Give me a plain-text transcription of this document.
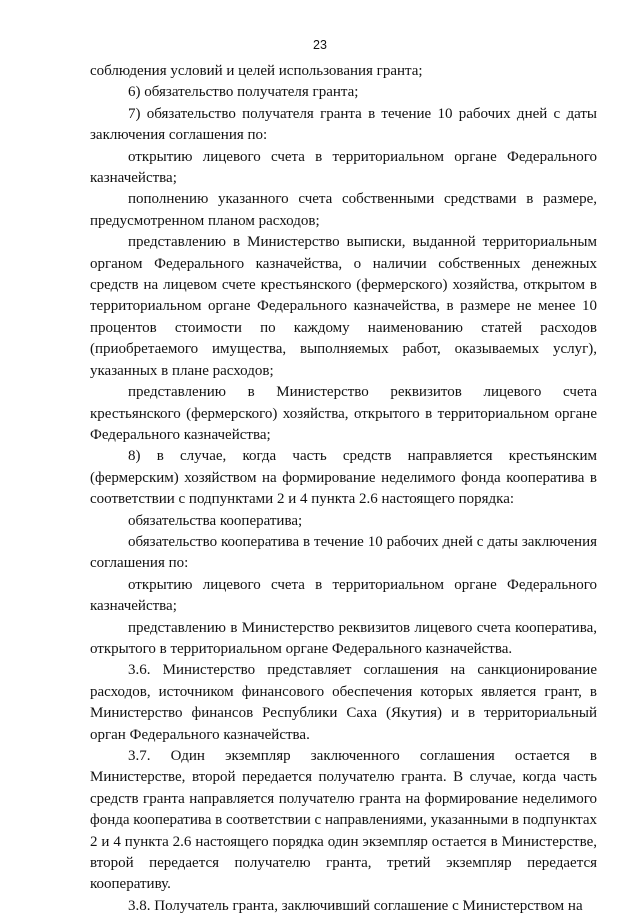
23

соблюдения условий и целей использования гранта;

6) обязательство получателя гранта;

7) обязательство получателя гранта в течение 10 рабочих дней с даты заключения соглашения по:

открытию лицевого счета в территориальном органе Федерального казначейства;

пополнению указанного счета собственными средствами в размере, предусмотренном планом расходов;

представлению в Министерство выписки, выданной территориальным органом Федерального казначейства, о наличии собственных денежных средств на лицевом счете крестьянского (фермерского) хозяйства, открытом в территориальном органе Федерального казначейства, в размере не менее 10 процентов стоимости по каждому наименованию статей расходов (приобретаемого имущества, выполняемых работ, оказываемых услуг), указанных в плане расходов;

представлению в Министерство реквизитов лицевого счета крестьянского (фермерского) хозяйства, открытого в территориальном органе Федерального казначейства;

8) в случае, когда часть средств направляется крестьянским (фермерским) хозяйством на формирование неделимого фонда кооператива в соответствии с подпунктами 2 и 4 пункта 2.6 настоящего порядка:

обязательства кооператива;

обязательство кооператива в течение 10 рабочих дней с даты заключения соглашения по:

открытию лицевого счета в территориальном органе Федерального казначейства;

представлению в Министерство реквизитов лицевого счета кооператива, открытого в территориальном органе Федерального казначейства.

3.6. Министерство представляет соглашения на санкционирование расходов, источником финансового обеспечения которых является грант, в Министерство финансов Республики Саха (Якутия) и в территориальный орган Федерального казначейства.

3.7. Один экземпляр заключенного соглашения остается в Министерстве, второй передается получателю гранта. В случае, когда часть средств гранта направляется получателю гранта на формирование неделимого фонда кооператива в соответствии с направлениями, указанными в подпунктах 2 и 4 пункта 2.6 настоящего порядка один экземпляр остается в Министерстве, второй передается получателю гранта, третий экземпляр передается кооперативу.

3.8. Получатель гранта, заключивший соглашение с Министерством на
